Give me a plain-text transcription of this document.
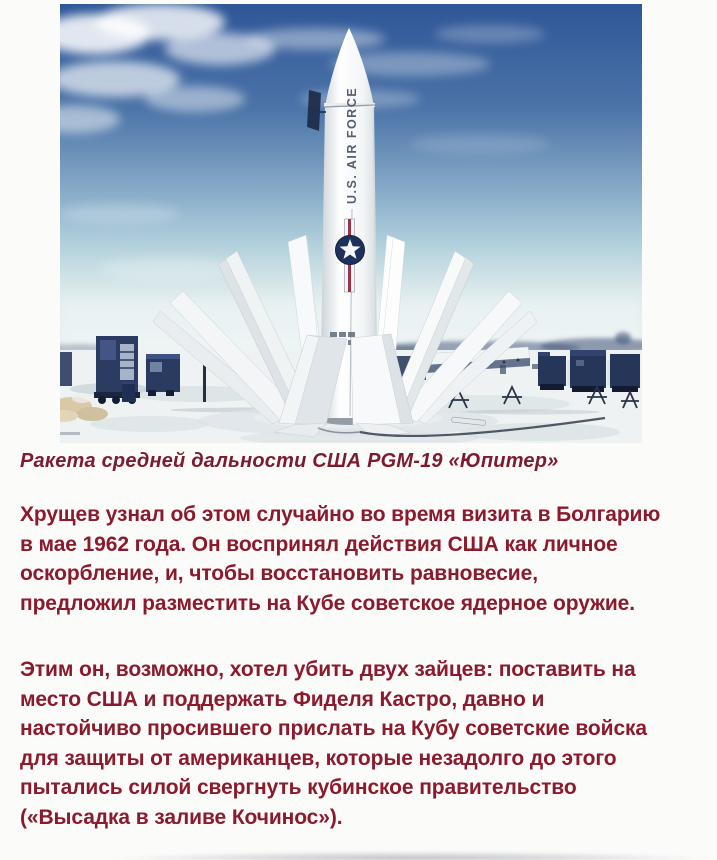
U.S. AIR FORCE
Ракета средней дальности США PGM-19 «Юпитер»
Хрущев узнал об этом случайно во время визита в Болгарию
в мае 1962 года. Он воспринял действия США как личное
оскорбление, и, чтобы восстановить равновесие,
предложил разместить на Кубе советское ядерное оружие.
Этим он, возможно, хотел убить двух зайцев: поставить на
место США и поддержать Фиделя Кастро, давно и
настойчиво просившего прислать на Кубу советские войска
для защиты от американцев, которые незадолго до этого
пытались силой свергнуть кубинское правительство
(«Высадка в заливе Кочинос»).
